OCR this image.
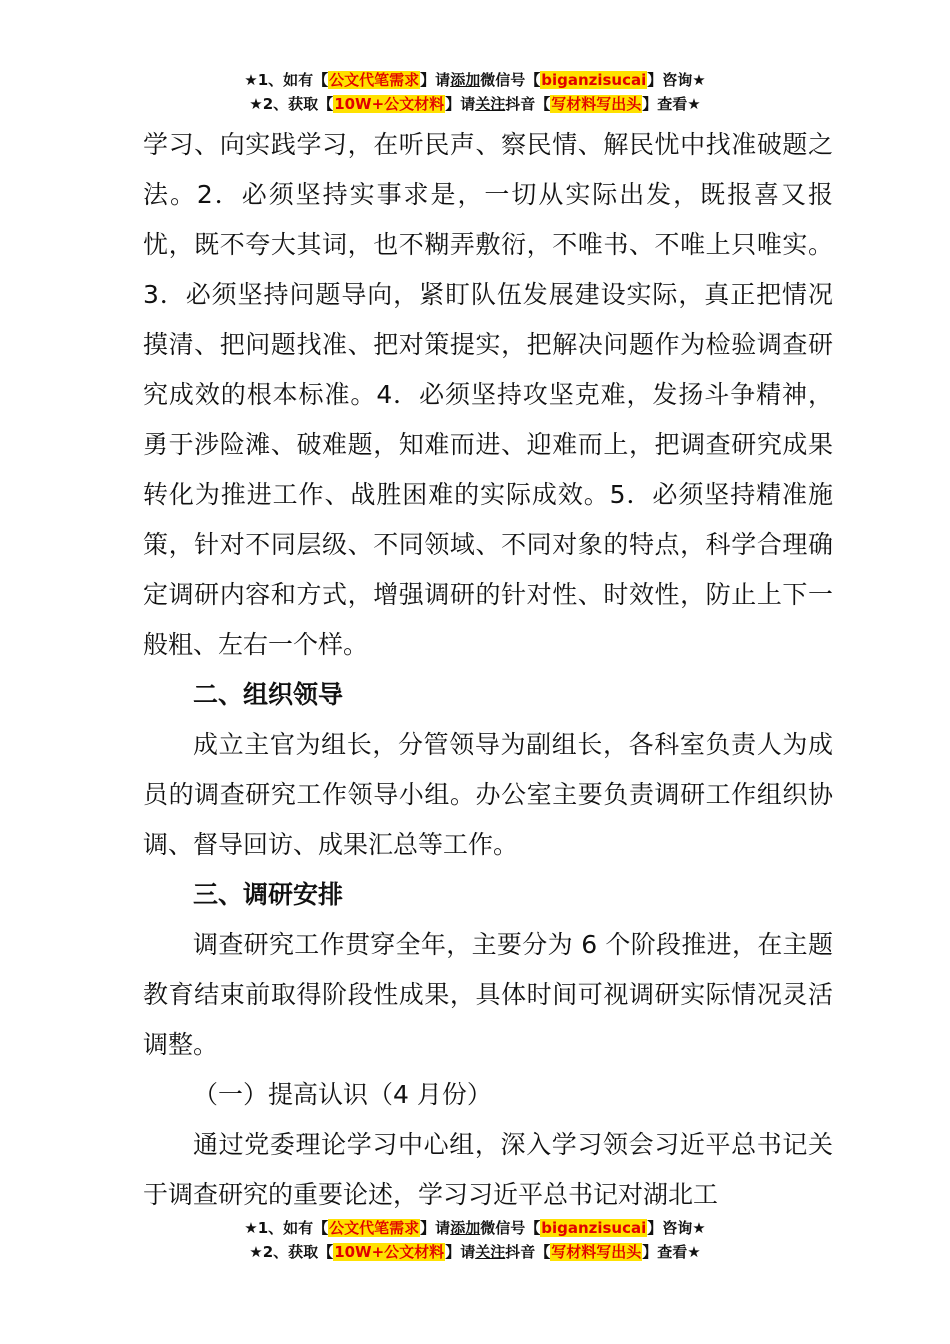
★1、如有【公文代笔需求】请添加微信号【biganzisucai】咨询★
★2、获取【10W+公文材料】请关注抖音【写材料写出头】查看★

学习、向实践学习，在听民声、察民情、解民忧中找准破题之法。2．必须坚持实事求是，一切从实际出发，既报喜又报忧，既不夸大其词，也不糊弄敷衍，不唯书、不唯上只唯实。3．必须坚持问题导向，紧盯队伍发展建设实际，真正把情况摸清、把问题找准、把对策提实，把解决问题作为检验调查研究成效的根本标准。4．必须坚持攻坚克难，发扬斗争精神，勇于涉险滩、破难题，知难而进、迎难而上，把调查研究成果转化为推进工作、战胜困难的实际成效。5．必须坚持精准施策，针对不同层级、不同领域、不同对象的特点，科学合理确定调研内容和方式，增强调研的针对性、时效性，防止上下一般粗、左右一个样。

二、组织领导

成立主官为组长，分管领导为副组长，各科室负责人为成员的调查研究工作领导小组。办公室主要负责调研工作组织协调、督导回访、成果汇总等工作。

三、调研安排

调查研究工作贯穿全年，主要分为 6 个阶段推进，在主题教育结束前取得阶段性成果，具体时间可视调研实际情况灵活调整。

（一）提高认识（4 月份）

通过党委理论学习中心组，深入学习领会习近平总书记关于调查研究的重要论述，学习习近平总书记对湖北工

★1、如有【公文代笔需求】请添加微信号【biganzisucai】咨询★
★2、获取【10W+公文材料】请关注抖音【写材料写出头】查看★
